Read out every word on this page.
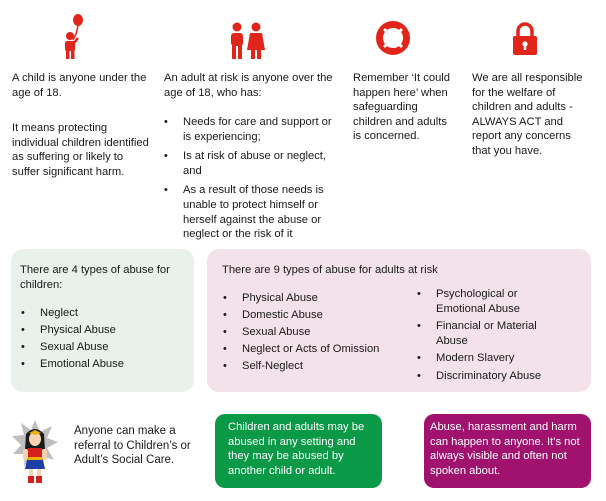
A child is anyone under the age of 18.
It means protecting individual children identified as suffering or likely to suffer significant harm.
An adult at risk is anyone over the age of 18, who has:
• Needs for care and support or is experiencing;
• Is at risk of abuse or neglect, and
• As a result of those needs is unable to protect himself or herself against the abuse or neglect or the risk of it
Remember ‘It could happen here’ when safeguarding children and adults is concerned.
We are all responsible for the welfare of children and adults - ALWAYS ACT and report any concerns that you have.
There are 4 types of abuse for children:
• Neglect
• Physical Abuse
• Sexual Abuse
• Emotional Abuse
There are 9 types of abuse for adults at risk
• Physical Abuse
• Domestic Abuse
• Sexual Abuse
• Neglect or Acts of Omission
• Self-Neglect
• Psychological or Emotional Abuse
• Financial or Material Abuse
• Modern Slavery
• Discriminatory Abuse
Anyone can make a referral to Children’s or Adult’s Social Care.
Children and adults may be abused in any setting and they may be abused by another child or adult.
Abuse, harassment and harm can happen to anyone. It’s not always visible and often not spoken about.
